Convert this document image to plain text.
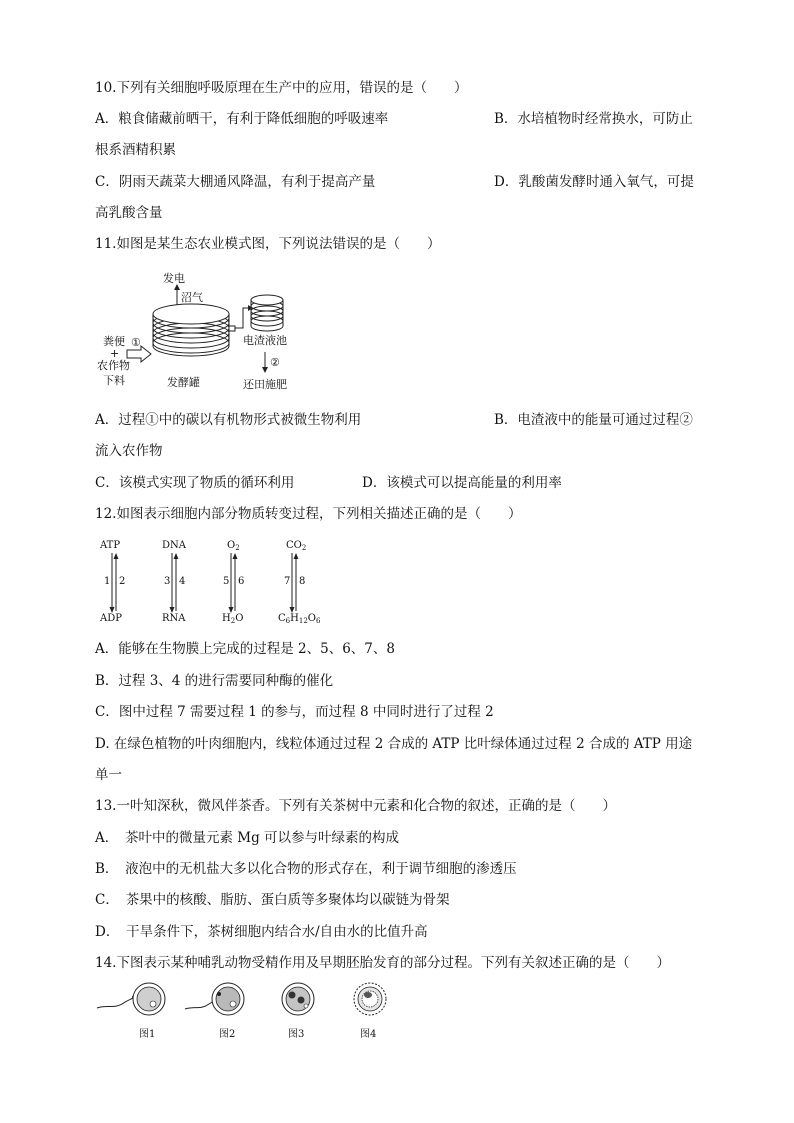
10.下列有关细胞呼吸原理在生产中的应用，错误的是（　　）
A．粮食储藏前晒干，有利于降低细胞的呼吸速率	B．水培植物时经常换水，可防止
根系酒精积累
C．阴雨天蔬菜大棚通风降温，有利于提高产量	D．乳酸菌发酵时通入氧气，可提
高乳酸含量
11.如图是某生态农业模式图，下列说法错误的是（　　）
发电
沼气
电渣液池
②
还田施肥
①
粪便
+
农作物
下料	发酵罐
A．过程①中的碳以有机物形式被微生物利用	B．电渣液中的能量可通过过程②
流入农作物
C．该模式实现了物质的循环利用	D．该模式可以提高能量的利用率
12.如图表示细胞内部分物质转变过程，下列相关描述正确的是（　　）
ATP
ADP
1 2
DNA
RNA
3 4
$O_2$
$H_2O$
5 6
$CO_2$
$C_6H_{12}O_6$
7 8
A．能够在生物膜上完成的过程是 2、5、6、7、8
B．过程 3、4 的进行需要同种酶的催化
C．图中过程 7 需要过程 1 的参与，而过程 8 中同时进行了过程 2
D. 在绿色植物的叶肉细胞内，线粒体通过过程 2 合成的 ATP 比叶绿体通过过程 2 合成的 ATP 用途
单一
13.一叶知深秋，微风伴茶香。下列有关茶树中元素和化合物的叙述，正确的是（　　）
A．　茶叶中的微量元素 Mg 可以参与叶绿素的构成
B．　液泡中的无机盐大多以化合物的形式存在，利于调节细胞的渗透压
C．　茶果中的核酸、脂肪、蛋白质等多聚体均以碳链为骨架
D．　干旱条件下，茶树细胞内结合水/自由水的比值升高
14.下图表示某种哺乳动物受精作用及早期胚胎发育的部分过程。下列有关叙述正确的是（　　）
图1	图2	图3	图4
